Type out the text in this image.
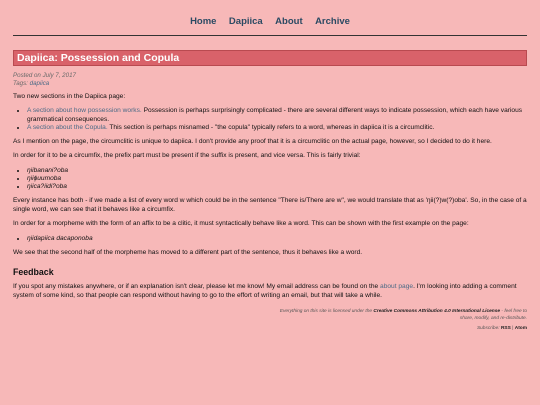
Home Dapiica About Archive
Dapiica: Possession and Copula
Posted on July 7, 2017
Tags: dapiica

Two new sections in the Dapiica page:

• A section about how possession works. Possession is perhaps surprisingly complicated - there are several different ways to indicate possession, which each have various grammatical consequences.
• A section about the Copula. This section is perhaps misnamed - "the copula" typically refers to a word, whereas in dapiica it is a circumclitic.

As I mention on the page, the circumclitic is unique to dapiica. I don't provide any proof that it is a circumclitic on the actual page, however, so I decided to do it here.

In order for it to be a circumfix, the prefix part must be present if the suffix is present, and vice versa. This is fairly trivial:

• ŋiibanani?oba
• ŋiiɸuumoba
• ŋiica?iidi?oba

Every instance has both - if we made a list of every word w which could be in the sentence "There is/There are w", we would translate that as 'ŋii(?)w(?)oba'. So, in the case of a single word, we can see that it behaves like a circumfix.

In order for a morpheme with the form of an affix to be a clitic, it must syntactically behave like a word. This can be shown with the first example on the page:

• ŋiidapiica dacaponoba

We see that the second half of the morpheme has moved to a different part of the sentence, thus it behaves like a word.

Feedback

If you spot any mistakes anywhere, or if an explanation isn't clear, please let me know! My email address can be found on the about page. I'm looking into adding a comment system of some kind, so that people can respond without having to go to the effort of writing an email, but that will take a while.

Everything on this site is licensed under the Creative Commons Attribution 4.0 International License - feel free to
share, modify, and re-distribute.
Subscribe: RSS | Atom
